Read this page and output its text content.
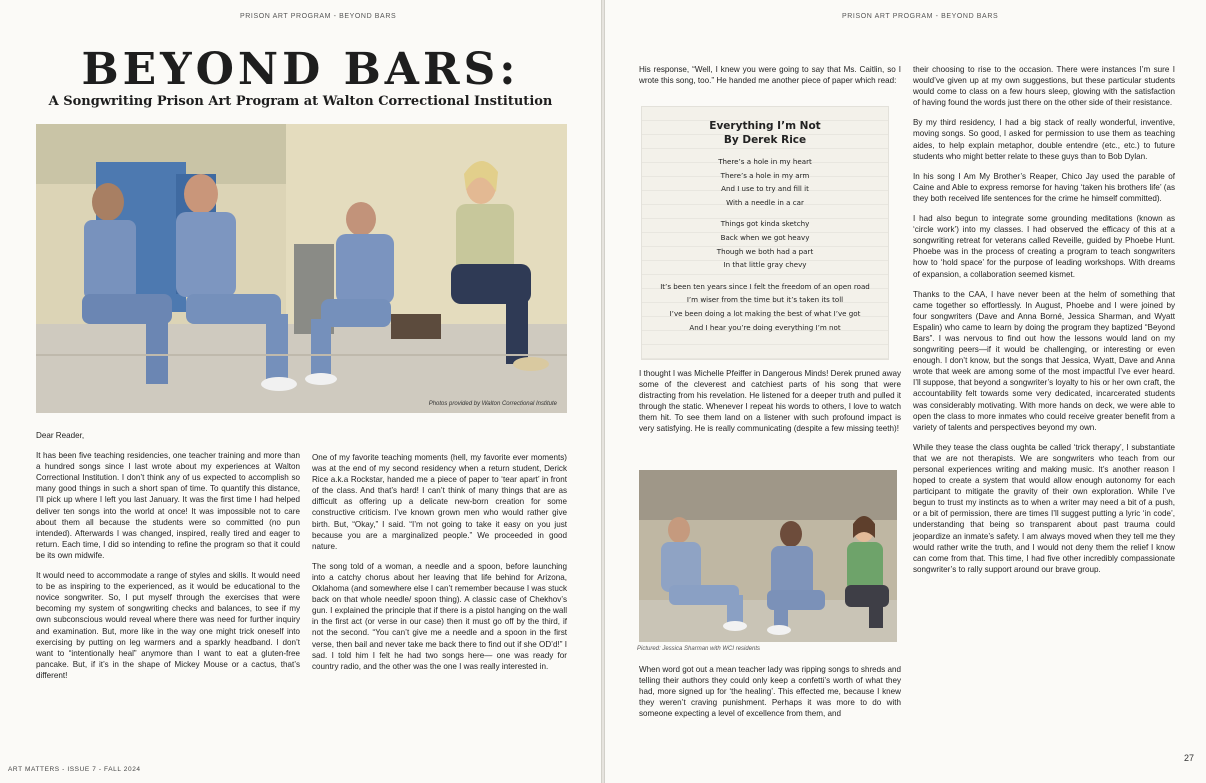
PRISON ART PROGRAM - BEYOND BARS
BEYOND BARS:
A Songwriting Prison Art Program at Walton Correctional Institution
Photos provided by Walton Correctional Institute

Dear Reader,

It has been five teaching residencies, one teacher training and more than a hundred songs since I last wrote about my experiences at Walton Correctional Institution. I don’t think any of us expected to accomplish so many good things in such a short span of time. To quantify this distance, I’ll pick up where I left you last January. It was the first time I had helped deliver ten songs into the world at once! It was impossible not to care about them all because the students were so committed (no pun intended). Afterwards I was changed, inspired, really tired and eager to return. Each time, I did so intending to refine the program so that it could be its own midwife.

It would need to accommodate a range of styles and skills. It would need to be as inspiring to the experienced, as it would be educational to the novice songwriter. So, I put myself through the exercises that were becoming my system of songwriting checks and balances, to see if my own subconscious would reveal where there was need for further inquiry and examination. But, more like in the way one might trick oneself into exercising by putting on leg warmers and a sparkly headband. I don’t want to “intentionally heal” anymore than I want to eat a gluten-free pancake. But, if it’s in the shape of Mickey Mouse or a cactus, that’s different!

One of my favorite teaching moments (hell, my favorite ever moments) was at the end of my second residency when a return student, Derick Rice a.k.a Rockstar, handed me a piece of paper to ‘tear apart’ in front of the class. And that’s hard! I can’t think of many things that are as difficult as offering up a delicate new-born creation for some constructive criticism. I’ve known grown men who would rather give birth. But, “Okay,” I said. “I’m not going to take it easy on you just because you are a marginalized people.” We proceeded in good nature.

The song told of a woman, a needle and a spoon, before launching into a catchy chorus about her leaving that life behind for Arizona, Oklahoma (and somewhere else I can’t remember because I was stuck back on that whole needle/ spoon thing). A classic case of Chekhov’s gun. I explained the principle that if there is a pistol hanging on the wall in the first act (or verse in our case) then it must go off by the third, if not the second. “You can’t give me a needle and a spoon in the first verse, then bail and never take me back there to find out if she OD’d!” I sad. I told him I felt he had two songs here— one was ready for country radio, and the other was the one I was really interested in.

ART MATTERS - ISSUE 7 - FALL 2024
PRISON ART PROGRAM - BEYOND BARS

His response, “Well, I knew you were going to say that Ms. Caitlin, so I wrote this song, too.” He handed me another piece of paper which read:

Everything I’m Not
By Derek Rice
There’s a hole in my heart
There’s a hole in my arm
And I use to try and fill it
With a needle in a car
Things got kinda sketchy
Back when we got heavy
Though we both had a part
In that little gray chevy
It’s been ten years since I felt the freedom of an open road
I’m wiser from the time but it’s taken its toll
I’ve been doing a lot making the best of what I’ve got
And I hear you’re doing everything I’m not

I thought I was Michelle Pfeiffer in Dangerous Minds! Derek pruned away some of the cleverest and catchiest parts of his song that were distracting from his revelation. He listened for a deeper truth and pulled it through the static. Whenever I repeat his words to others, I love to watch them hit. To see them land on a listener with such profound impact is very satisfying. He is really communicating (despite a few missing teeth)!

Pictured: Jessica Sharman with WCI residents

When word got out a mean teacher lady was ripping songs to shreds and telling their authors they could only keep a confetti’s worth of what they had, more signed up for ‘the healing’. This effected me, because I knew they weren’t craving punishment. Perhaps it was more to do with someone expecting a level of excellence from them, and

their choosing to rise to the occasion. There were instances I’m sure I would’ve given up at my own suggestions, but these particular students would come to class on a few hours sleep, glowing with the satisfaction of having found the words just there on the other side of their resistance.

By my third residency, I had a big stack of really wonderful, inventive, moving songs. So good, I asked for permission to use them as teaching aides, to help explain metaphor, double entendre (etc., etc.) to future students who might better relate to these guys than to Bob Dylan.

In his song I Am My Brother’s Reaper, Chico Jay used the parable of Caine and Able to express remorse for having ‘taken his brothers life’ (as they both received life sentences for the crime he himself committed).

I had also begun to integrate some grounding meditations (known as ‘circle work’) into my classes. I had observed the efficacy of this at a songwriting retreat for veterans called Reveille, guided by Phoebe Hunt. Phoebe was in the process of creating a program to teach songwriters how to ‘hold space’ for the purpose of leading workshops. With dreams of expansion, a collaboration seemed kismet.

Thanks to the CAA, I have never been at the helm of something that came together so effortlessly. In August, Phoebe and I were joined by four songwriters (Dave and Anna Borné, Jessica Sharman, and Wyatt Espalin) who came to learn by doing the program they baptized “Beyond Bars”. I was nervous to find out how the lessons would land on my songwriting peers—if it would be challenging, or interesting or even enough. I don’t know, but the songs that Jessica, Wyatt, Dave and Anna wrote that week are among some of the most impactful I’ve ever heard. I’ll suppose, that beyond a songwriter’s loyalty to his or her own craft, the accountability felt towards some very dedicated, incarcerated students was considerably motivating. With more hands on deck, we were able to open the class to more inmates who could receive greater benefit from a variety of talents and perspectives beyond my own.

While they tease the class oughta be called ‘trick therapy’, I substantiate that we are not therapists. We are songwriters who teach from our personal experiences writing and making music. It’s another reason I hoped to create a system that would allow enough autonomy for each participant to mitigate the gravity of their own exploration. While I’ve begun to trust my instincts as to when a writer may need a bit of a push, or a bit of permission, there are times I’ll suggest putting a lyric ‘in code’, understanding that being so transparent about past trauma could jeopardize an inmate’s safety. I am always moved when they tell me they would rather write the truth, and I would not deny them the relief I know can come from that. This time, I had five other incredibly compassionate songwriter’s to rally support around our brave group.

27
